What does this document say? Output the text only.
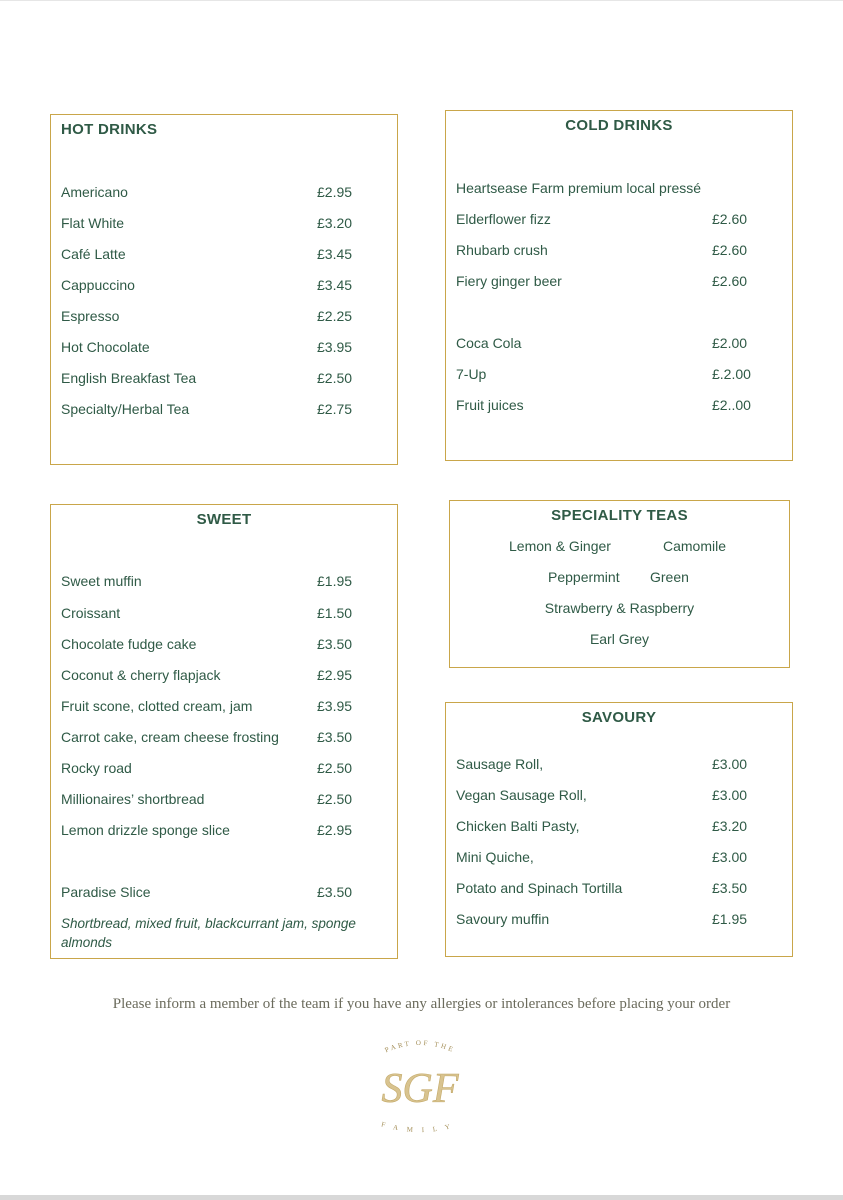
HOT DRINKS
Americano	£2.95
Flat White	£3.20
Café Latte	£3.45
Cappuccino	£3.45
Espresso	£2.25
Hot Chocolate	£3.95
English Breakfast Tea	£2.50
Specialty/Herbal Tea	£2.75
COLD DRINKS
Heartsease Farm premium local pressé
Elderflower fizz	£2.60
Rhubarb crush	£2.60
Fiery ginger beer	£2.60
Coca Cola	£2.00
7-Up	£.2.00
Fruit juices	£2..00
SWEET
Sweet muffin	£1.95
Croissant	£1.50
Chocolate fudge cake	£3.50
Coconut & cherry flapjack	£2.95
Fruit scone, clotted cream, jam	£3.95
Carrot cake, cream cheese frosting	£3.50
Rocky road	£2.50
Millionaires’ shortbread	£2.50
Lemon drizzle sponge slice	£2.95
Paradise Slice	£3.50
Shortbread, mixed fruit, blackcurrant jam, sponge almonds
SPECIALITY TEAS
Lemon & Ginger	Camomile
Peppermint Green
Strawberry & Raspberry
Earl Grey
SAVOURY
Sausage Roll,	£3.00
Vegan Sausage Roll,	£3.00
Chicken Balti Pasty,	£3.20
Mini Quiche,	£3.00
Potato and Spinach Tortilla	£3.50
Savoury muffin	£1.95
Please inform a member of the team if you have any allergies or intolerances before placing your order
PART OF THE
SGF
FAMILY
